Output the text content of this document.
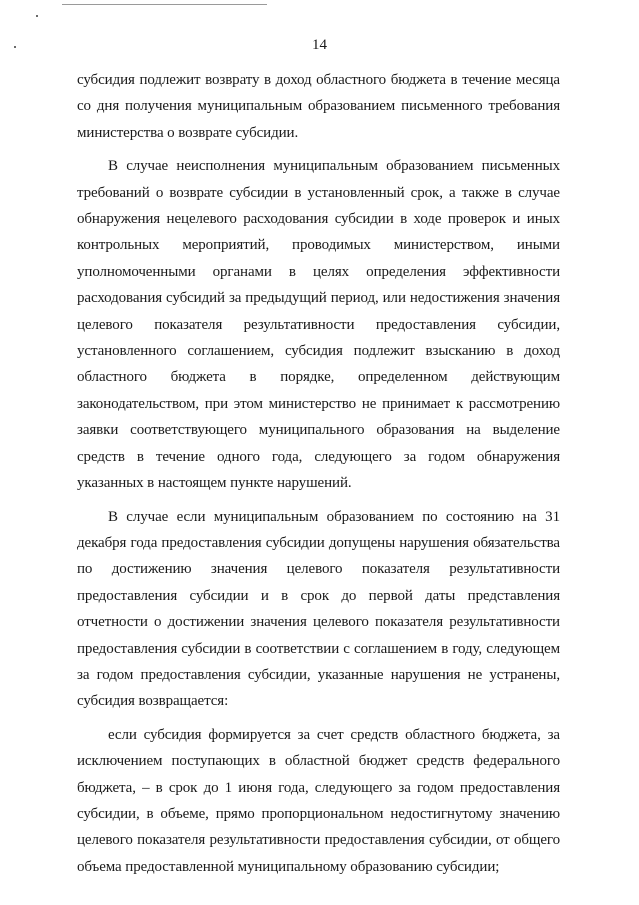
14

субсидия подлежит возврату в доход областного бюджета в течение месяца со дня получения муниципальным образованием письменного требования министерства о возврате субсидии.

В случае неисполнения муниципальным образованием письменных требований о возврате субсидии в установленный срок, а также в случае обнаружения нецелевого расходования субсидии в ходе проверок и иных контрольных мероприятий, проводимых министерством, иными уполномоченными органами в целях определения эффективности расходования субсидий за предыдущий период, или недостижения значения целевого показателя результативности предоставления субсидии, установленного соглашением, субсидия подлежит взысканию в доход областного бюджета в порядке, определенном действующим законодательством, при этом министерство не принимает к рассмотрению заявки соответствующего муниципального образования на выделение средств в течение одного года, следующего за годом обнаружения указанных в настоящем пункте нарушений.

В случае если муниципальным образованием по состоянию на 31 декабря года предоставления субсидии допущены нарушения обязательства по достижению значения целевого показателя результативности предоставления субсидии и в срок до первой даты представления отчетности о достижении значения целевого показателя результативности предоставления субсидии в соответствии с соглашением в году, следующем за годом предоставления субсидии, указанные нарушения не устранены, субсидия возвращается:

если субсидия формируется за счет средств областного бюджета, за исключением поступающих в областной бюджет средств федерального бюджета, – в срок до 1 июня года, следующего за годом предоставления субсидии, в объеме, прямо пропорциональном недостигнутому значению целевого показателя результативности предоставления субсидии, от общего объема предоставленной муниципальному образованию субсидии;
